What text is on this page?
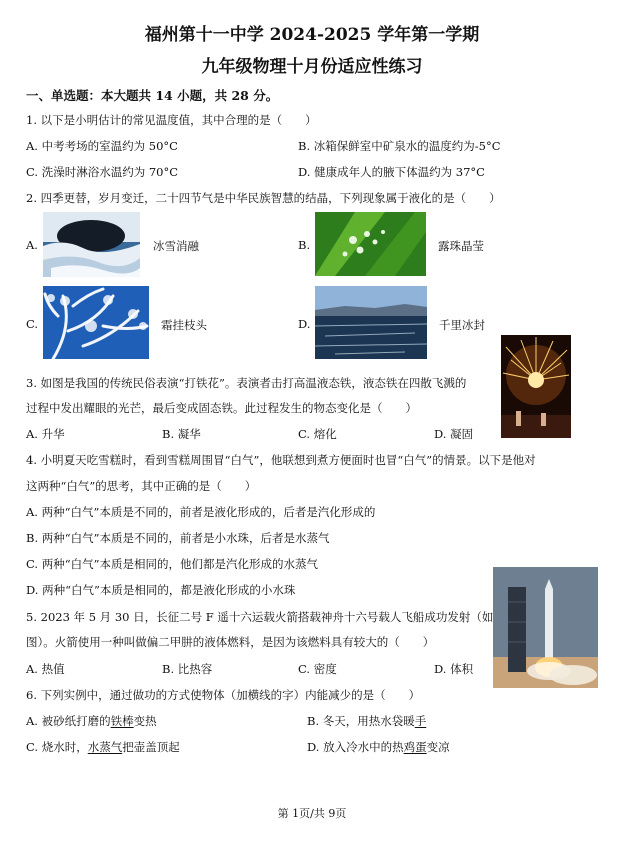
福州第十一中学 2024-2025 学年第一学期
九年级物理十月份适应性练习
一、单选题：本大题共 14 小题，共 28 分。
1. 以下是小明估计的常见温度值，其中合理的是（　　）
A. 中考考场的室温约为 50°C	B. 冰箱保鲜室中矿泉水的温度约为-5°C
C. 洗澡时淋浴水温约为 70°C	D. 健康成年人的腋下体温约为 37°C
2. 四季更替，岁月变迁，二十四节气是中华民族智慧的结晶，下列现象属于液化的是（　　）
A.	冰雪消融	B.	露珠晶莹
C.	霜挂枝头	D.	千里冰封
3. 如图是我国的传统民俗表演“打铁花”。表演者击打高温液态铁，液态铁在四散飞溅的
过程中发出耀眼的光芒，最后变成固态铁。此过程发生的物态变化是（　　）
A. 升华	B. 凝华	C. 熔化	D. 凝固
4. 小明夏天吃雪糕时，看到雪糕周围冒“白气”，他联想到煮方便面时也冒“白气”的情景。以下是他对
这两种“白气”的思考，其中正确的是（　　）
A. 两种“白气”本质是不同的，前者是液化形成的，后者是汽化形成的
B. 两种“白气”本质是不同的，前者是小水珠，后者是水蒸气
C. 两种“白气”本质是相同的，他们都是汽化形成的水蒸气
D. 两种“白气”本质是相同的，都是液化形成的小水珠
5. 2023 年 5 月 30 日，长征二号 F 遥十六运载火箭搭载神舟十六号载人飞船成功发射（如
图）。火箭使用一种叫做偏二甲肼的液体燃料，是因为该燃料具有较大的（　　）
A. 热值	B. 比热容	C. 密度	D. 体积
6. 下列实例中，通过做功的方式使物体（加横线的字）内能减少的是（　　）
A. 被砂纸打磨的铁棒变热	B. 冬天，用热水袋暖手
C. 烧水时，水蒸气把壶盖顶起	D. 放入冷水中的热鸡蛋变凉
第 1页/共 9页
